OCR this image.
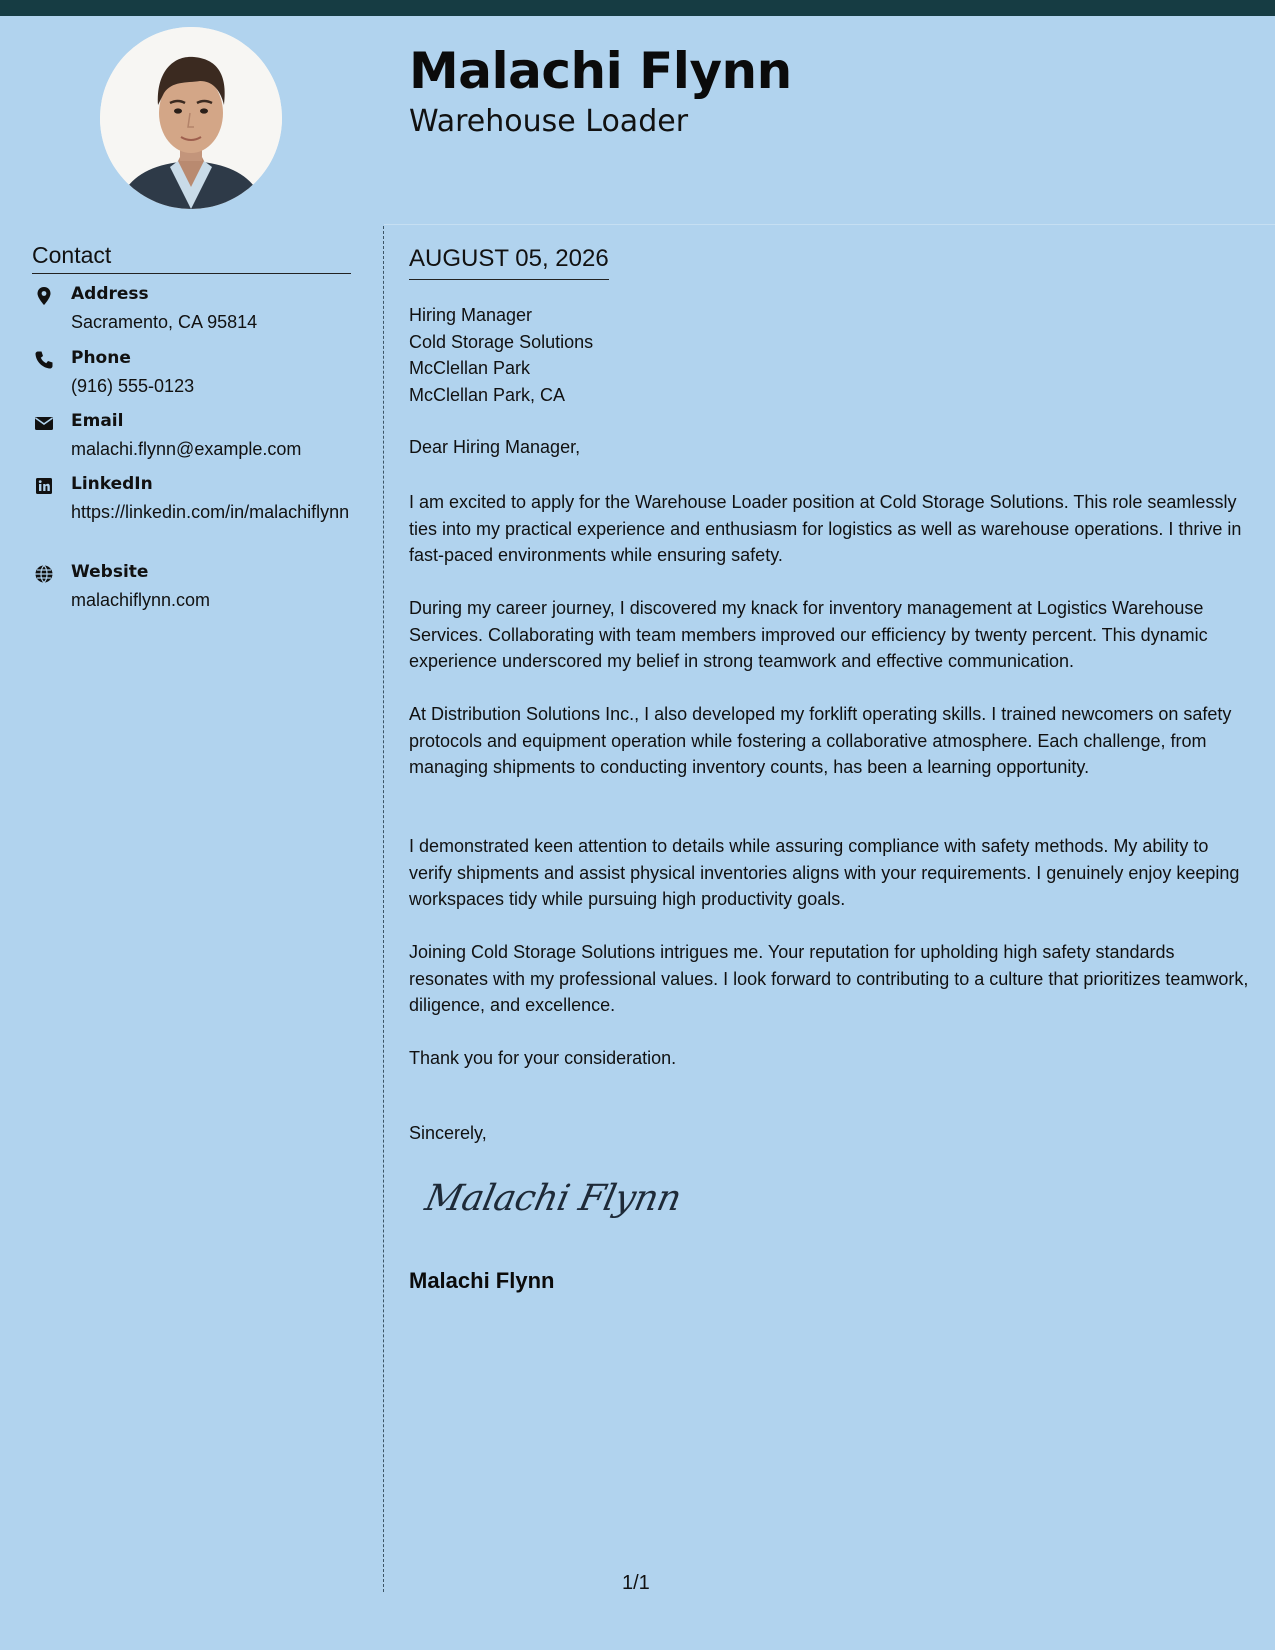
Malachi Flynn
Warehouse Loader
Contact
Address
Sacramento, CA 95814
Phone
(916) 555-0123
Email
malachi.flynn@example.com
LinkedIn
https://linkedin.com/in/malachiflynn
Website
malachiflynn.com
AUGUST 05, 2026
Hiring Manager
Cold Storage Solutions
McClellan Park
McClellan Park, CA
Dear Hiring Manager,

I am excited to apply for the Warehouse Loader position at Cold Storage Solutions. This role seamlessly ties into my practical experience and enthusiasm for logistics as well as warehouse operations. I thrive in fast-paced environments while ensuring safety.

During my career journey, I discovered my knack for inventory management at Logistics Warehouse Services. Collaborating with team members improved our efficiency by twenty percent. This dynamic experience underscored my belief in strong teamwork and effective communication.

At Distribution Solutions Inc., I also developed my forklift operating skills. I trained newcomers on safety protocols and equipment operation while fostering a collaborative atmosphere. Each challenge, from managing shipments to conducting inventory counts, has been a learning opportunity.

I demonstrated keen attention to details while assuring compliance with safety methods. My ability to verify shipments and assist physical inventories aligns with your requirements. I genuinely enjoy keeping workspaces tidy while pursuing high productivity goals.

Joining Cold Storage Solutions intrigues me. Your reputation for upholding high safety standards resonates with my professional values. I look forward to contributing to a culture that prioritizes teamwork, diligence, and excellence.

Thank you for your consideration.

Sincerely,
Malachi Flynn
Malachi Flynn
1/1
